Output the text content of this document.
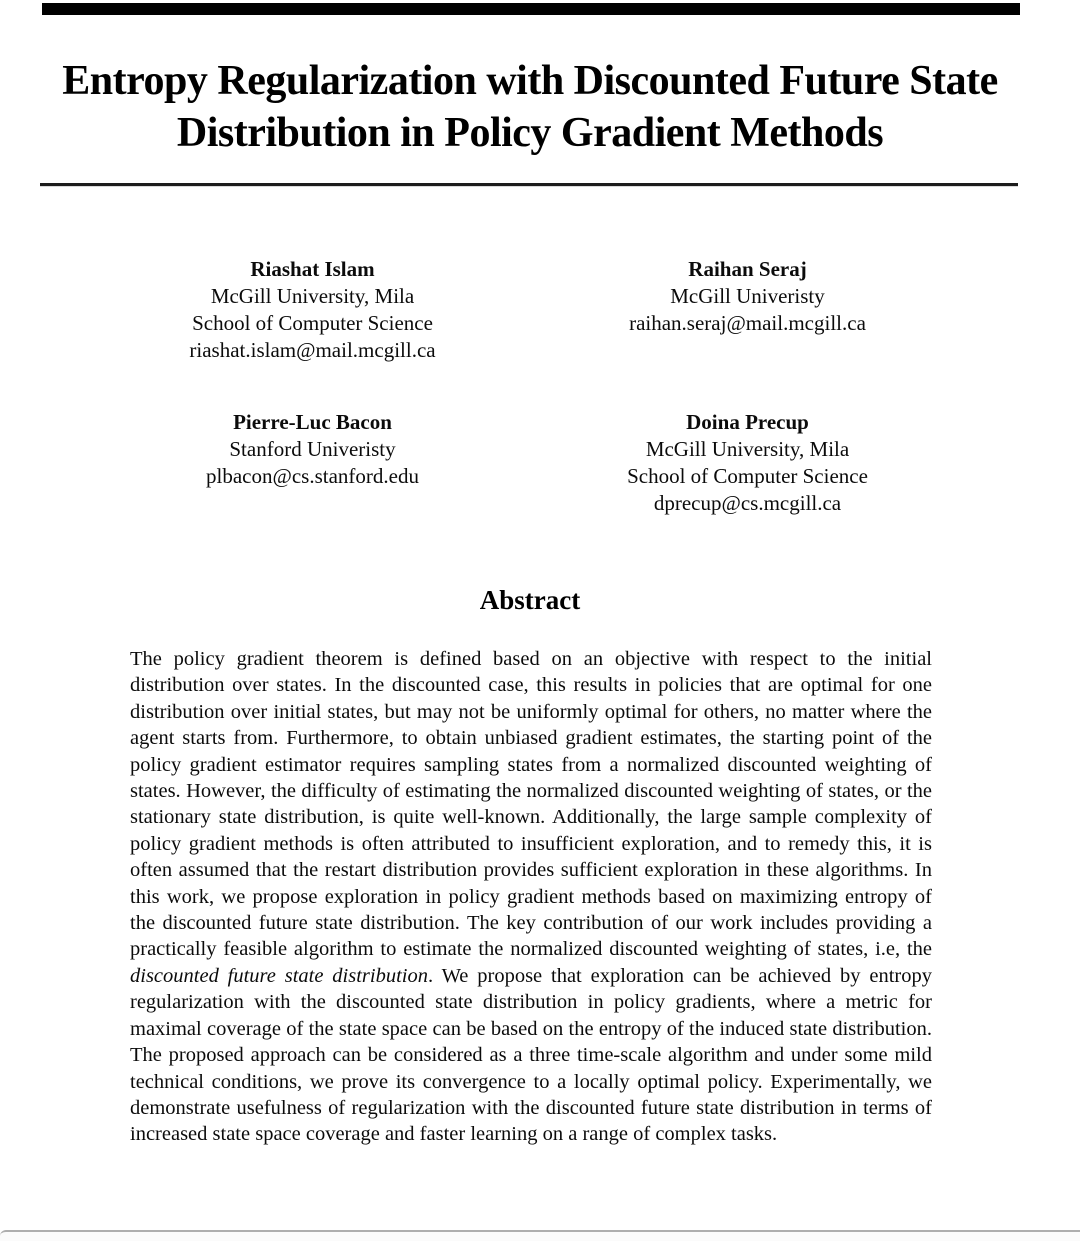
Entropy Regularization with Discounted Future State
Distribution in Policy Gradient Methods
Riashat Islam
McGill University, Mila
School of Computer Science
riashat.islam@mail.mcgill.ca
Raihan Seraj
McGill Univeristy
raihan.seraj@mail.mcgill.ca
Pierre-Luc Bacon
Stanford Univeristy
plbacon@cs.stanford.edu
Doina Precup
McGill University, Mila
School of Computer Science
dprecup@cs.mcgill.ca
Abstract

The policy gradient theorem is defined based on an objective with respect to the initial distribution over states. In the discounted case, this results in policies that are optimal for one distribution over initial states, but may not be uniformly optimal for others, no matter where the agent starts from. Furthermore, to obtain unbiased gradient estimates, the starting point of the policy gradient estimator requires sampling states from a normalized discounted weighting of states. However, the difficulty of estimating the normalized discounted weighting of states, or the stationary state distribution, is quite well-known. Additionally, the large sample complexity of policy gradient methods is often attributed to insufficient exploration, and to remedy this, it is often assumed that the restart distribution provides sufficient exploration in these algorithms. In this work, we propose exploration in policy gradient methods based on maximizing entropy of the discounted future state distribution. The key contribution of our work includes providing a practically feasible algorithm to estimate the normalized discounted weighting of states, i.e, the discounted future state distribution. We propose that exploration can be achieved by entropy regularization with the discounted state distribution in policy gradients, where a metric for maximal coverage of the state space can be based on the entropy of the induced state distribution. The proposed approach can be considered as a three time-scale algorithm and under some mild technical conditions, we prove its convergence to a locally optimal policy. Experimentally, we demonstrate usefulness of regularization with the discounted future state distribution in terms of increased state space coverage and faster learning on a range of complex tasks.
